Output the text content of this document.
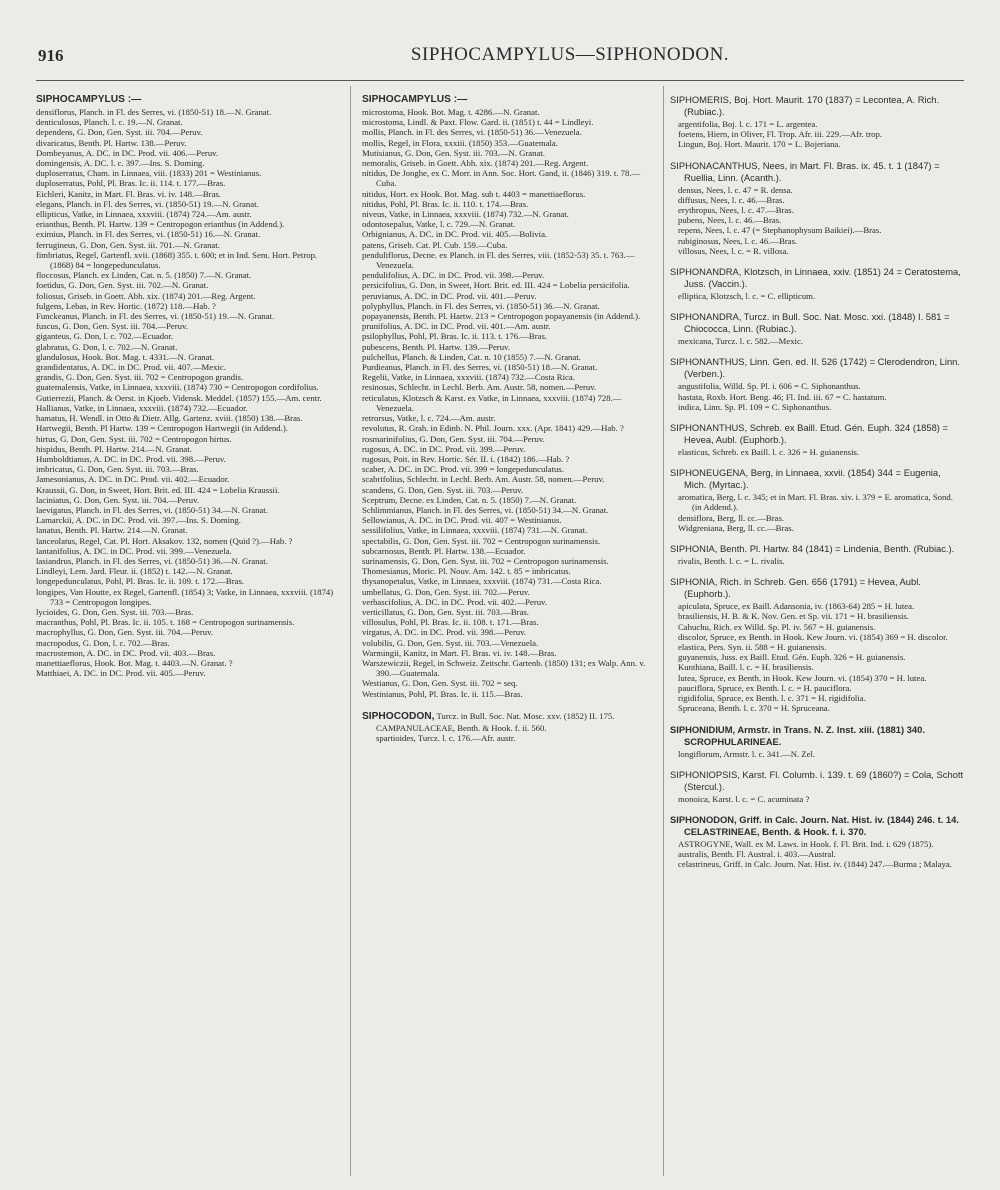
916	SIPHOCAMPYLUS—SIPHONODON.
SIPHOCAMPYLUS :—

densiflorus, Planch. in Fl. des Serres, vi. (1850-51) 18.—N. Granat.

denticulosus, Planch. l. c. 19.—N. Granat.

dependens, G. Don, Gen. Syst. iii. 704.—Peruv.

divaricatus, Benth. Pl. Hartw. 138.—Peruv.

Dombeyanus, A. DC. in DC. Prod. vii. 406.—Peruv.

domingensis, A. DC. l. c. 397.—Ins. S. Doming.

duploserratus, Cham. in Linnaea, viii. (1833) 201 = Westinianus.

duploserratus, Pohl, Pl. Bras. Ic. ii. 114. t. 177.—Bras.

Eichleri, Kanitz, in Mart. Fl. Bras. vi. iv. 148.—Bras.

elegans, Planch. in Fl. des Serres, vi. (1850-51) 19.—N. Granat.

ellipticus, Vatke, in Linnaea, xxxviii. (1874) 724.—Am. austr.

erianthus, Benth. Pl. Hartw. 139 = Centropogon erianthus (in Addend.).

eximius, Planch. in Fl. des Serres, vi. (1850-51) 16.—N. Granat.

ferrugineus, G. Don, Gen. Syst. iii. 701.—N. Granat.

fimbriatus, Regel, Gartenfl. xvii. (1868) 355. t. 600; et in Ind. Sem. Hort. Petrop. (1868) 84 = longepedunculatus.

floccosus, Planch. ex Linden, Cat. n. 5. (1850) 7.—N. Granat.

foetidus, G. Don, Gen. Syst. iii. 702.—N. Granat.

foliosus, Griseb. in Goett. Abh. xix. (1874) 201.—Reg. Argent.

fulgens, Lebas, in Rev. Hortic. (1872) 118.—Hab. ?

Funckeanus, Planch. in Fl. des Serres, vi. (1850-51) 19.—N. Granat.

fuscus, G. Don, Gen. Syst. iii. 704.—Peruv.

giganteus, G. Don, l. c. 702.—Ecuador.

glabratus, G. Don, l. c. 702.—N. Granat.

glandulosus, Hook. Bot. Mag. t. 4331.—N. Granat.

grandidentatus, A. DC. in DC. Prod. vii. 407.—Mexic.

grandis, G. Don, Gen. Syst. iii. 702 = Centropogon grandis.

guatemalensis, Vatke, in Linnaea, xxxviii. (1874) 730 = Centropogon cordifolius.

Gutierrezii, Planch. & Oerst. in Kjoeb. Vidensk. Meddel. (1857) 155.—Am. centr.

Hallianus, Vatke, in Linnaea, xxxviii. (1874) 732.—Ecuador.

hamatus, H. Wendl. in Otto & Dietr. Allg. Gartenz. xviii. (1850) 138.—Bras.

Hartwegii, Benth. Pl Hartw. 139 = Centropogon Hartwegii (in Addend.).

hirtus, G. Don, Gen. Syst. iii. 702 = Centropogon hirtus.

hispidus, Benth. Pl. Hartw. 214.—N. Granat.

Humboldtianus, A. DC. in DC. Prod. vii. 398.—Peruv.

imbricatus, G. Don, Gen. Syst. iii. 703.—Bras.

Jamesonianus, A. DC. in DC. Prod. vii. 402.—Ecuador.

Kraussii, G. Don, in Sweet, Hort. Brit. ed. III. 424 = Lobelia Kraussii.

laciniatus, G. Don, Gen. Syst. iii. 704.—Peruv.

laevigatus, Planch. in Fl. des Serres, vi. (1850-51) 34.—N. Granat.

Lamarckii, A. DC. in DC. Prod. vii. 397.—Ins. S. Doming.

lanatus, Benth. Pl. Hartw. 214.—N. Granat.

lanceolatus, Regel, Cat. Pl. Hort. Aksakov. 132, nomen (Quid ?).—Hab. ?

lantanifolius, A. DC. in DC. Prod. vii. 399.—Venezuela.

lasiandrus, Planch. in Fl. des Serres, vi. (1850-51) 36.—N. Granat.

Lindleyi, Lem. Jard. Fleur. ii. (1852) t. 142.—N. Granat.

longepedunculatus, Pohl, Pl. Bras. Ic. ii. 109. t. 172.—Bras.

longipes, Van Houtte, ex Regel, Gartenfl. (1854) 3; Vatke, in Linnaea, xxxviii. (1874) 733 = Centropogon longipes.

lycioides, G. Don, Gen. Syst. iii. 703.—Bras.

macranthus, Pohl, Pl. Bras. Ic. ii. 105. t. 168 = Centropogon surinamensis.

macrophyllus, G. Don, Gen. Syst. iii. 704.—Peruv.

macropodus, G. Don, l. c. 702.—Bras.

macrostemon, A. DC. in DC. Prod. vii. 403.—Bras.

manettiaeflorus, Hook. Bot. Mag. t. 4403.—N. Granat. ?

Matthiaei, A. DC. in DC. Prod. vii. 405.—Peruv.

SIPHOCAMPYLUS :—

microstoma, Hook. Bot. Mag. t. 4286.—N. Granat.

microstoma, Lindl. & Paxt. Flow. Gard. ii. (1851) t. 44 = Lindleyi.

mollis, Planch. in Fl. des Serres, vi. (1850-51) 36.—Venezuela.

mollis, Regel, in Flora, xxxiii. (1850) 353.—Guatemala.

Mutisianus, G. Don, Gen. Syst. iii. 703.—N. Granat.

nemoralis, Griseb. in Goett. Abh. xix. (1874) 201.—Reg. Argent.

nitidus, De Jonghe, ex C. Morr. in Ann. Soc. Hort. Gand, ii. (1846) 319. t. 78.—Cuba.

nitidus, Hort. ex Hook. Bot. Mag. sub t. 4403 = manettiaeflorus.

nitidus, Pohl, Pl. Bras. Ic. ii. 110. t. 174.—Bras.

niveus, Vatke, in Linnaea, xxxviii. (1874) 732.—N. Granat.

odontosepalus, Vatke, l. c. 729.—N. Granat.

Orbignianus, A. DC. in DC. Prod. vii. 405.—Bolivia.

patens, Griseb. Cat. Pl. Cub. 159.—Cuba.

penduliflorus, Decne. ex Planch. in Fl. des Serres, viii. (1852-53) 35. t. 763.—Venezuela.

pendulifolius, A. DC. in DC. Prod. vii. 398.—Peruv.

persicifolius, G. Don, in Sweet, Hort. Brit. ed. III. 424 = Lobelia persicifolia.

peruvianus, A. DC. in DC. Prod. vii. 401.—Peruv.

polyphyllus, Planch. in Fl. des Serres, vi. (1850-51) 36.—N. Granat.

popayanensis, Benth. Pl. Hartw. 213 = Centropogon popayanensis (in Addend.).

prunifolius, A. DC. in DC. Prod. vii. 401.—Am. austr.

psilophyllus, Pohl, Pl. Bras. Ic. ii. 113. t. 176.—Bras.

pubescens, Benth. Pl. Hartw. 139.—Peruv.

pulchellus, Planch. & Linden, Cat. n. 10 (1855) 7.—N. Granat.

Purdieanus, Planch. in Fl. des Serres, vi. (1850-51) 18.—N. Granat.

Regelii, Vatke, in Linnaea, xxxviii. (1874) 732.—Costa Rica.

resinosus, Schlecht. in Lechl. Berb. Am. Austr. 58, nomen.—Peruv.

reticulatus, Klotzsch & Karst. ex Vatke, in Linnaea, xxxviii. (1874) 728.—Venezuela.

retrorsus, Vatke, l. c. 724.—Am. austr.

revolutus, R. Grah. in Edinb. N. Phil. Journ. xxx. (Apr. 1841) 429.—Hab. ?

rosmarinifolius, G. Don, Gen. Syst. iii. 704.—Peruv.

rugosus, A. DC. in DC. Prod. vii. 399.—Peruv.

rugosus, Poit. in Rev. Hortic. Sér. II. i. (1842) 186.—Hab. ?

scaber, A. DC. in DC. Prod. vii. 399 = longepedunculatus.

scabrifolius, Schlecht. in Lechl. Berb. Am. Austr. 58, nomen.—Peruv.

scandens, G. Don, Gen. Syst. iii. 703.—Peruv.

Sceptrum, Decne. ex Linden, Cat. n. 5. (1850) 7.—N. Granat.

Schlimmianus, Planch. in Fl. des Serres, vi. (1850-51) 34.—N. Granat.

Sellowianus, A. DC. in DC. Prod. vii. 407 = Westinianus.

sessilifolius, Vatke, in Linnaea, xxxviii. (1874) 731.—N. Granat.

spectabilis, G. Don, Gen. Syst. iii. 702 = Centropogon surinamensis.

subcarnosus, Benth. Pl. Hartw. 138.—Ecuador.

surinamensis, G. Don, Gen. Syst. iii. 702 = Centropogon surinamensis.

Thomesianus, Moric. Pl. Nouv. Am. 142. t. 85 = imbricatus.

thysanopetalus, Vatke, in Linnaea, xxxviii. (1874) 731.—Costa Rica.

umbellatus, G. Don, Gen. Syst. iii. 702.—Peruv.

verbascifolius, A. DC. in DC. Prod. vii. 402.—Peruv.

verticillatus, G. Don, Gen. Syst. iii. 703.—Bras.

villosulus, Pohl, Pl. Bras. Ic. ii. 108. t. 171.—Bras.

virgatus, A. DC. in DC. Prod. vii. 398.—Peruv.

volubilis, G. Don, Gen. Syst. iii. 703.—Venezuela.

Warmingii, Kanitz, in Mart. Fl. Bras. vi. iv. 148.—Bras.

Warszewiczii, Regel, in Schweiz. Zeitschr. Gartenb. (1850) 131; ex Walp. Ann. v. 390.—Guatemala.

Westianus, G. Don, Gen. Syst. iii. 702 = seq.

Westinianus, Pohl, Pl. Bras. Ic. ii. 115.—Bras.

SIPHOCODON, Turcz. in Bull. Soc. Nat. Mosc. xxv. (1852) II. 175. CAMPANULACEAE, Benth. & Hook. f. ii. 560.

spartioides, Turcz. l. c. 176.—Afr. austr.

SIPHOMERIS, Boj. Hort. Maurit. 170 (1837) = Lecontea, A. Rich. (Rubiac.).

argentifolia, Boj. l. c. 171 = L. argentea.

foetens, Hiern, in Oliver, Fl. Trop. Afr. iii. 229.—Afr. trop.

Lingun, Boj. Hort. Maurit. 170 = L. Bojeriana.

SIPHONACANTHUS, Nees, in Mart. Fl. Bras. ix. 45. t. 1 (1847) = Ruellia, Linn. (Acanth.).

densus, Nees, l. c. 47 = R. densa.

diffusus, Nees, l. c. 46.—Bras.

erythropus, Nees, l. c. 47.—Bras.

pubens, Nees, l. c. 46.—Bras.

repens, Nees, l. c. 47 (= Stephanophysum Baikiei).—Bras.

rubiginosus, Nees, l. c. 46.—Bras.

villosus, Nees, l. c. = R. villosa.

SIPHONANDRA, Klotzsch, in Linnaea, xxiv. (1851) 24 = Ceratostema, Juss. (Vaccin.).

elliptica, Klotzsch, l. c. = C. ellipticum.

SIPHONANDRA, Turcz. in Bull. Soc. Nat. Mosc. xxi. (1848) I. 581 = Chiococca, Linn. (Rubiac.).

mexicana, Turcz. l. c. 582.—Mexic.

SIPHONANTHUS, Linn. Gen. ed. II. 526 (1742) = Clerodendron, Linn. (Verben.).

angustifolia, Willd. Sp. Pl. i. 606 = C. Siphonanthus.

hastata, Roxb. Hort. Beng. 46; Fl. Ind. iii. 67 = C. hastatum.

indica, Linn. Sp. Pl. 109 = C. Siphonanthus.

SIPHONANTHUS, Schreb. ex Baill. Etud. Gén. Euph. 324 (1858) = Hevea, Aubl. (Euphorb.).

elasticus, Schreb. ex Baill. l. c. 326 = H. guianensis.

SIPHONEUGENA, Berg, in Linnaea, xxvii. (1854) 344 = Eugenia, Mich. (Myrtac.).

aromatica, Berg, l. c. 345; et in Mart. Fl. Bras. xiv. i. 379 = E. aromatica, Sond. (in Addend.).

densiflora, Berg, ll. cc.—Bras.

Widgreniana, Berg, ll. cc.—Bras.

SIPHONIA, Benth. Pl. Hartw. 84 (1841) = Lindenia, Benth. (Rubiac.).

rivalis, Benth. l. c. = L. rivalis.

SIPHONIA, Rich. in Schreb. Gen. 656 (1791) = Hevea, Aubl. (Euphorb.).

apiculata, Spruce, ex Baill. Adansonia, iv. (1863-64) 285 = H. lutea.

brasiliensis, H. B. & K. Nov. Gen. et Sp. vii. 171 = H. brasiliensis.

Cahuchu, Rich. ex Willd. Sp. Pl. iv. 567 = H. guianensis.

discolor, Spruce, ex Benth. in Hook. Kew Journ. vi. (1854) 369 = H. discolor.

elastica, Pers. Syn. ii. 588 = H. guianensis.

guyanensis, Juss. ex Baill. Etud. Gén. Euph. 326 = H. guianensis.

Kunthiana, Baill. l. c. = H. brasiliensis.

lutea, Spruce, ex Benth. in Hook. Kew Journ. vi. (1854) 370 = H. lutea.

pauciflora, Spruce, ex Benth. l. c. = H. pauciflora.

rigidifolia, Spruce, ex Benth. l. c. 371 = H. rigidifolia.

Spruceana, Benth. l. c. 370 = H. Spruceana.

SIPHONIDIUM, Armstr. in Trans. N. Z. Inst. xiii. (1881) 340. SCROPHULARINEAE.

longiflorum, Armstr. l. c. 341.—N. Zel.

SIPHONIOPSIS, Karst. Fl. Columb. i. 139. t. 69 (1860?) = Cola, Schott (Stercul.).

monoica, Karst. l. c. = C. acuminata ?

SIPHONODON, Griff. in Calc. Journ. Nat. Hist. iv. (1844) 246. t. 14. CELASTRINEAE, Benth. & Hook. f. i. 370.

ASTROGYNE, Wall. ex M. Laws. in Hook. f. Fl. Brit. Ind. i. 629 (1875).

australis, Benth. Fl. Austral. i. 403.—Austral.

celastrineus, Griff. in Calc. Journ. Nat. Hist. iv. (1844) 247.—Burma ; Malaya.
